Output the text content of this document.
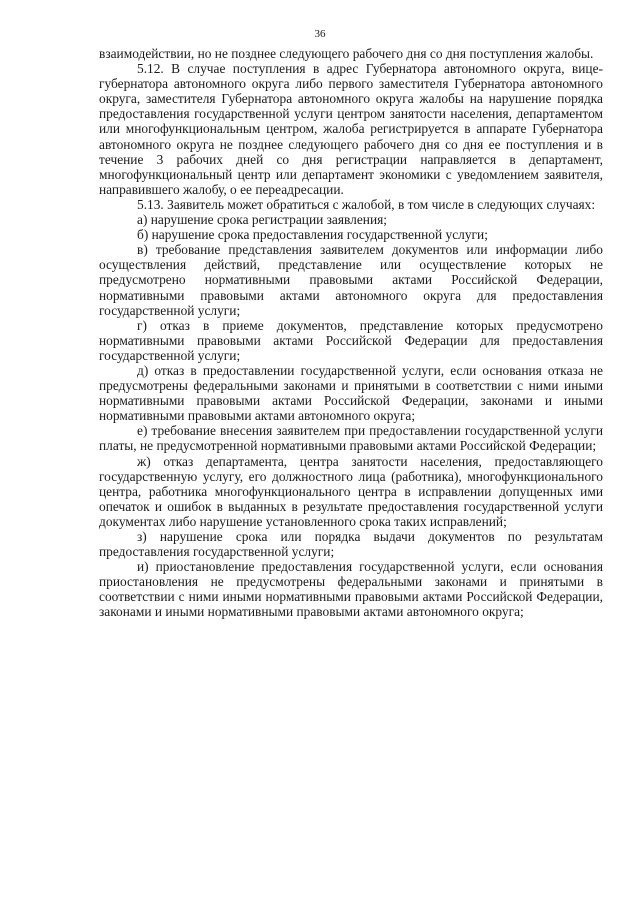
36

взаимодействии, но не позднее следующего рабочего дня со дня поступления жалобы.

5.12. В случае поступления в адрес Губернатора автономного округа, вице-губернатора автономного округа либо первого заместителя Губернатора автономного округа, заместителя Губернатора автономного округа жалобы на нарушение порядка предоставления государственной услуги центром занятости населения, департаментом или многофункциональным центром, жалоба регистрируется в аппарате Губернатора автономного округа не позднее следующего рабочего дня со дня ее поступления и в течение 3 рабочих дней со дня регистрации направляется в департамент, многофункциональный центр или департамент экономики с уведомлением заявителя, направившего жалобу, о ее переадресации.

5.13. Заявитель может обратиться с жалобой, в том числе в следующих случаях:

а) нарушение срока регистрации заявления;

б) нарушение срока предоставления государственной услуги;

в) требование представления заявителем документов или информации либо осуществления действий, представление или осуществление которых не предусмотрено нормативными правовыми актами Российской Федерации, нормативными правовыми актами автономного округа для предоставления государственной услуги;

г) отказ в приеме документов, представление которых предусмотрено нормативными правовыми актами Российской Федерации для предоставления государственной услуги;

д) отказ в предоставлении государственной услуги, если основания отказа не предусмотрены федеральными законами и принятыми в соответствии с ними иными нормативными правовыми актами Российской Федерации, законами и иными нормативными правовыми актами автономного округа;

е) требование внесения заявителем при предоставлении государственной услуги платы, не предусмотренной нормативными правовыми актами Российской Федерации;

ж) отказ департамента, центра занятости населения, предоставляющего государственную услугу, его должностного лица (работника), многофункционального центра, работника многофункционального центра в исправлении допущенных ими опечаток и ошибок в выданных в результате предоставления государственной услуги документах либо нарушение установленного срока таких исправлений;

з) нарушение срока или порядка выдачи документов по результатам предоставления государственной услуги;

и) приостановление предоставления государственной услуги, если основания приостановления не предусмотрены федеральными законами и принятыми в соответствии с ними иными нормативными правовыми актами Российской Федерации, законами и иными нормативными правовыми актами автономного округа;
